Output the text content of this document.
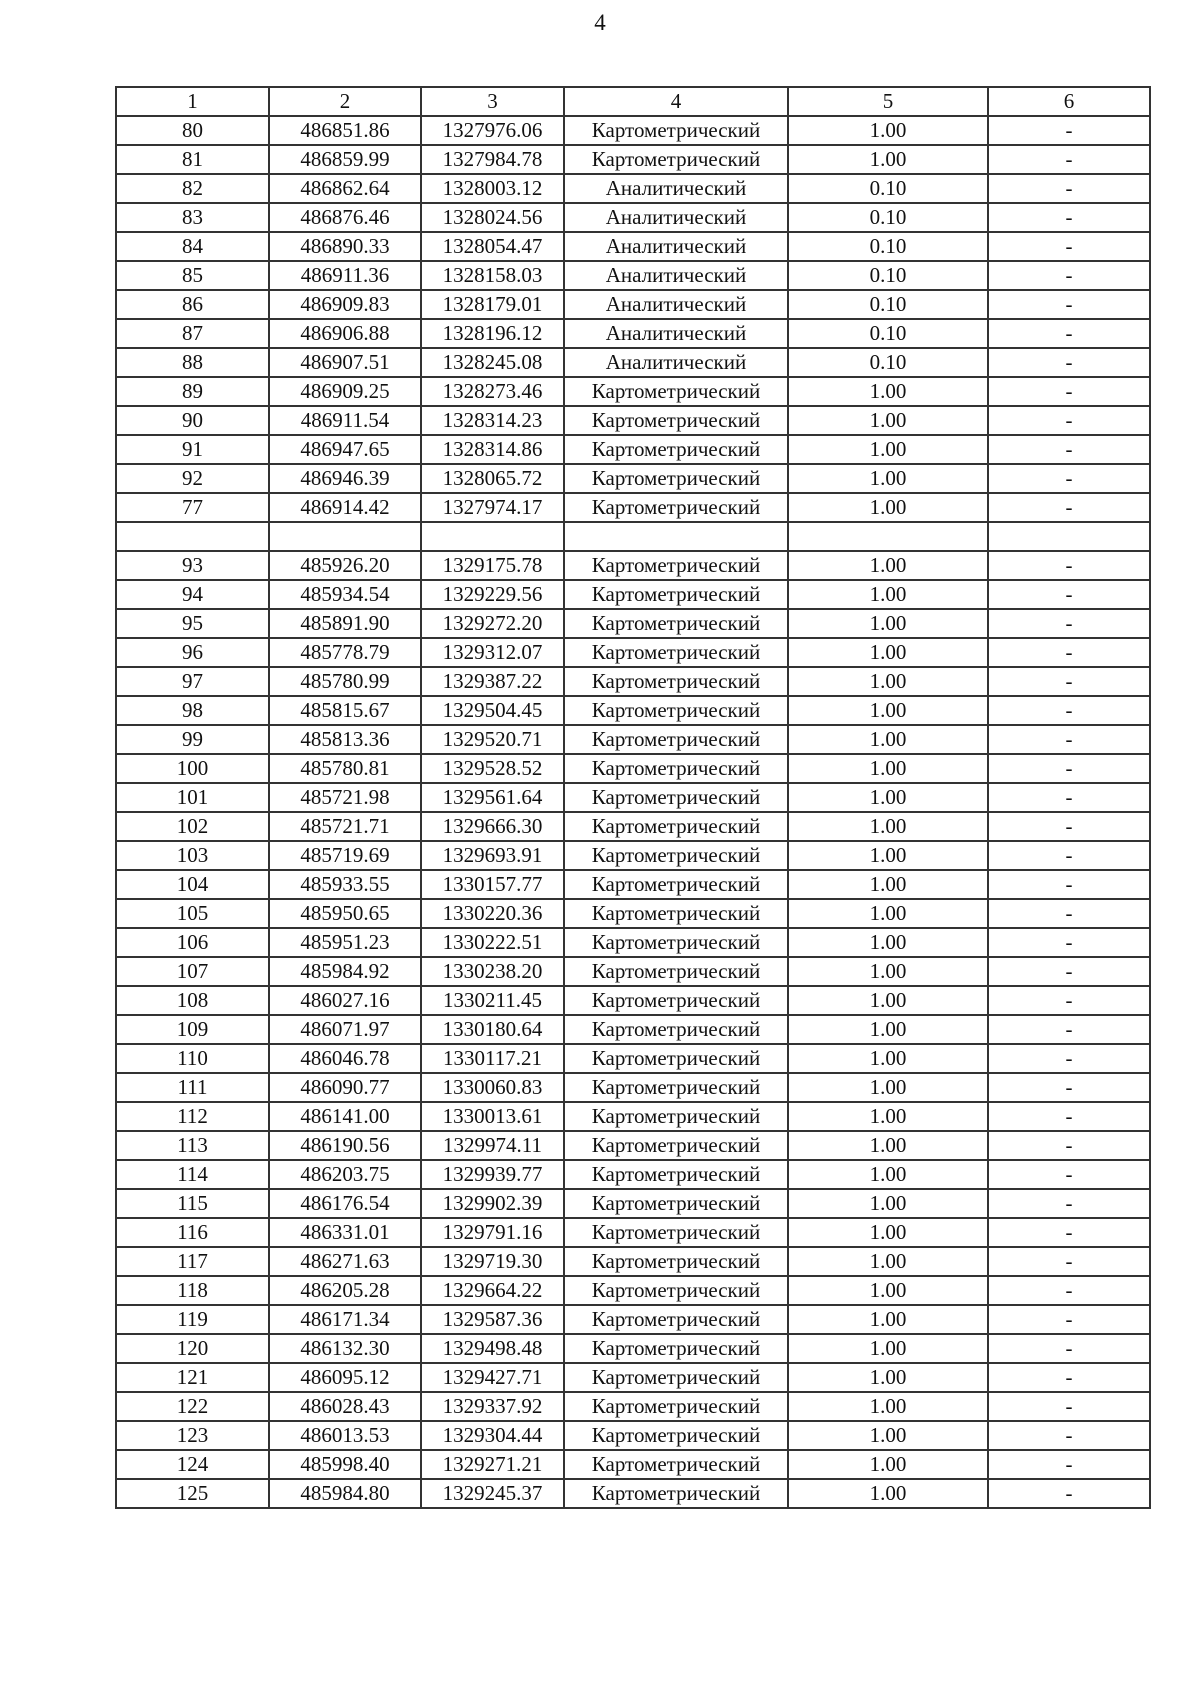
4
1	2	3	4	5	6
80	486851.86	1327976.06	Картометрический	1.00	-
81	486859.99	1327984.78	Картометрический	1.00	-
82	486862.64	1328003.12	Аналитический	0.10	-
83	486876.46	1328024.56	Аналитический	0.10	-
84	486890.33	1328054.47	Аналитический	0.10	-
85	486911.36	1328158.03	Аналитический	0.10	-
86	486909.83	1328179.01	Аналитический	0.10	-
87	486906.88	1328196.12	Аналитический	0.10	-
88	486907.51	1328245.08	Аналитический	0.10	-
89	486909.25	1328273.46	Картометрический	1.00	-
90	486911.54	1328314.23	Картометрический	1.00	-
91	486947.65	1328314.86	Картометрический	1.00	-
92	486946.39	1328065.72	Картометрический	1.00	-
77	486914.42	1327974.17	Картометрический	1.00	-

93	485926.20	1329175.78	Картометрический	1.00	-
94	485934.54	1329229.56	Картометрический	1.00	-
95	485891.90	1329272.20	Картометрический	1.00	-
96	485778.79	1329312.07	Картометрический	1.00	-
97	485780.99	1329387.22	Картометрический	1.00	-
98	485815.67	1329504.45	Картометрический	1.00	-
99	485813.36	1329520.71	Картометрический	1.00	-
100	485780.81	1329528.52	Картометрический	1.00	-
101	485721.98	1329561.64	Картометрический	1.00	-
102	485721.71	1329666.30	Картометрический	1.00	-
103	485719.69	1329693.91	Картометрический	1.00	-
104	485933.55	1330157.77	Картометрический	1.00	-
105	485950.65	1330220.36	Картометрический	1.00	-
106	485951.23	1330222.51	Картометрический	1.00	-
107	485984.92	1330238.20	Картометрический	1.00	-
108	486027.16	1330211.45	Картометрический	1.00	-
109	486071.97	1330180.64	Картометрический	1.00	-
110	486046.78	1330117.21	Картометрический	1.00	-
111	486090.77	1330060.83	Картометрический	1.00	-
112	486141.00	1330013.61	Картометрический	1.00	-
113	486190.56	1329974.11	Картометрический	1.00	-
114	486203.75	1329939.77	Картометрический	1.00	-
115	486176.54	1329902.39	Картометрический	1.00	-
116	486331.01	1329791.16	Картометрический	1.00	-
117	486271.63	1329719.30	Картометрический	1.00	-
118	486205.28	1329664.22	Картометрический	1.00	-
119	486171.34	1329587.36	Картометрический	1.00	-
120	486132.30	1329498.48	Картометрический	1.00	-
121	486095.12	1329427.71	Картометрический	1.00	-
122	486028.43	1329337.92	Картометрический	1.00	-
123	486013.53	1329304.44	Картометрический	1.00	-
124	485998.40	1329271.21	Картометрический	1.00	-
125	485984.80	1329245.37	Картометрический	1.00	-
